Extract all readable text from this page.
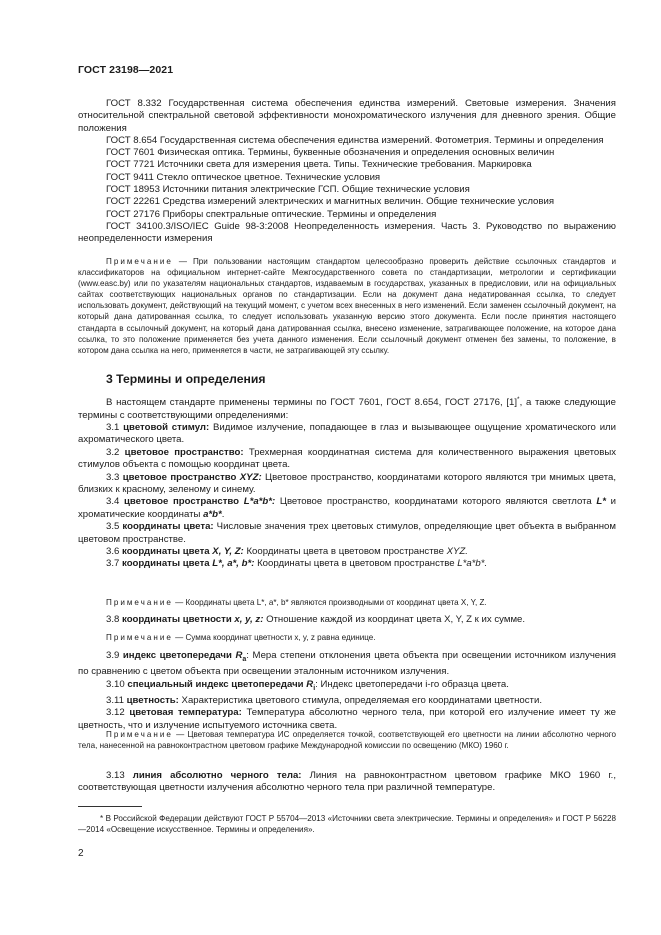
ГОСТ 23198—2021

ГОСТ 8.332 Государственная система обеспечения единства измерений. Световые измерения. Значения относительной спектральной световой эффективности монохроматического излучения для дневного зрения. Общие положения

ГОСТ 8.654 Государственная система обеспечения единства измерений. Фотометрия. Термины и определения

ГОСТ 7601 Физическая оптика. Термины, буквенные обозначения и определения основных величин

ГОСТ 7721 Источники света для измерения цвета. Типы. Технические требования. Маркировка

ГОСТ 9411 Стекло оптическое цветное. Технические условия

ГОСТ 18953 Источники питания электрические ГСП. Общие технические условия

ГОСТ 22261 Средства измерений электрических и магнитных величин. Общие технические условия

ГОСТ 27176 Приборы спектральные оптические. Термины и определения

ГОСТ 34100.3/ISO/IEC Guide 98-3:2008 Неопределенность измерения. Часть 3. Руководство по выражению неопределенности измерения

Примечание — При пользовании настоящим стандартом целесообразно проверить действие ссылочных стандартов и классификаторов на официальном интернет-сайте Межгосударственного совета по стандартизации, метрологии и сертификации (www.easc.by) или по указателям национальных стандартов, издаваемым в государствах, указанных в предисловии, или на официальных сайтах соответствующих национальных органов по стандартизации. Если на документ дана недатированная ссылка, то следует использовать документ, действующий на текущий момент, с учетом всех внесенных в него изменений. Если заменен ссылочный документ, на который дана датированная ссылка, то следует использовать указанную версию этого документа. Если после принятия настоящего стандарта в ссылочный документ, на который дана датированная ссылка, внесено изменение, затрагивающее положение, на которое дана ссылка, то это положение применяется без учета данного изменения. Если ссылочный документ отменен без замены, то положение, в котором дана ссылка на него, применяется в части, не затрагивающей эту ссылку.
3 Термины и определения

В настоящем стандарте применены термины по ГОСТ 7601, ГОСТ 8.654, ГОСТ 27176, [1]*, а также следующие термины с соответствующими определениями:

3.1 цветовой стимул: Видимое излучение, попадающее в глаз и вызывающее ощущение хроматического или ахроматического цвета.

3.2 цветовое пространство: Трехмерная координатная система для количественного выражения цветовых стимулов объекта с помощью координат цвета.

3.3 цветовое пространство XYZ: Цветовое пространство, координатами которого являются три мнимых цвета, близких к красному, зеленому и синему.

3.4 цветовое пространство L*a*b*: Цветовое пространство, координатами которого являются светлота L* и хроматические координаты a*b*.

3.5 координаты цвета: Числовые значения трех цветовых стимулов, определяющие цвет объекта в выбранном цветовом пространстве.

3.6 координаты цвета X, Y, Z: Координаты цвета в цветовом пространстве XYZ.

3.7 координаты цвета L*, a*, b*: Координаты цвета в цветовом пространстве L*a*b*.

Примечание — Координаты цвета L*, a*, b* являются производными от координат цвета X, Y, Z.

3.8 координаты цветности x, y, z: Отношение каждой из координат цвета X, Y, Z к их сумме.

Примечание — Сумма координат цветности x, y, z равна единице.

3.9 индекс цветопередачи $R_a$: Мера степени отклонения цвета объекта при освещении источником излучения по сравнению с цветом объекта при освещении эталонным источником излучения.

3.10 специальный индекс цветопередачи $R_i$: Индекс цветопередачи i-го образца цвета.

3.11 цветность: Характеристика цветового стимула, определяемая его координатами цветности.

3.12 цветовая температура: Температура абсолютно черного тела, при которой его излучение имеет ту же цветность, что и излучение испытуемого источника света.

Примечание — Цветовая температура ИС определяется точкой, соответствующей его цветности на линии абсолютно черного тела, нанесенной на равноконтрастном цветовом графике Международной комиссии по освещению (МКО) 1960 г.

3.13 линия абсолютно черного тела: Линия на равноконтрастном цветовом графике МКО 1960 г., соответствующая цветности излучения абсолютно черного тела при различной температуре.

* В Российской Федерации действуют ГОСТ Р 55704—2013 «Источники света электрические. Термины и определения» и ГОСТ Р 56228—2014 «Освещение искусственное. Термины и определения».
2
